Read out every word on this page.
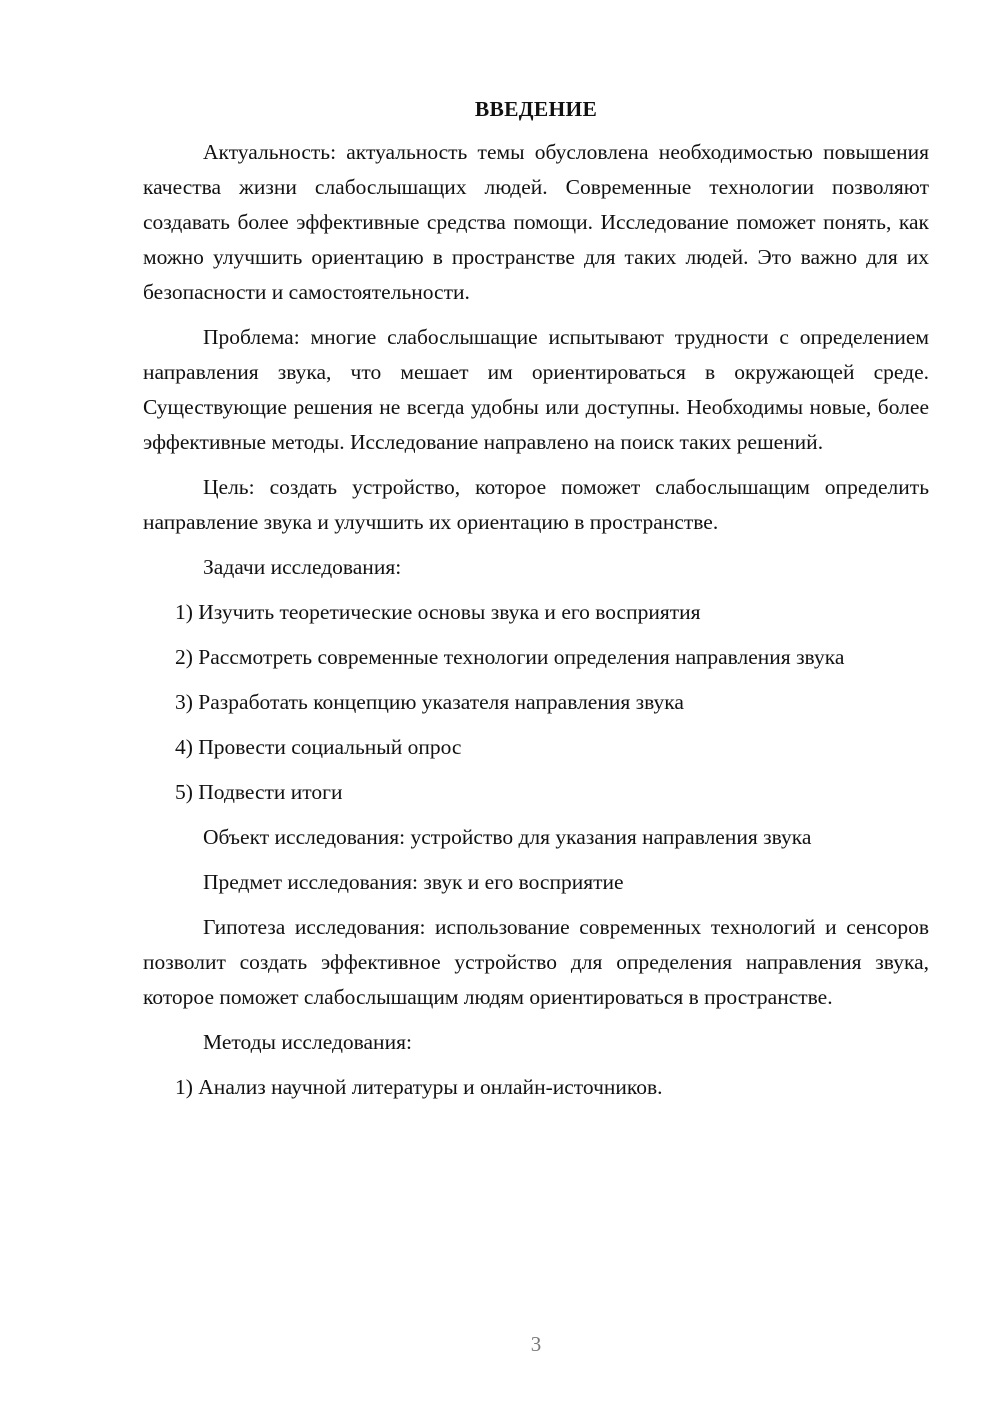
ВВЕДЕНИЕ
Актуальность: актуальность темы обусловлена необходимостью повышения качества жизни слабослышащих людей. Современные технологии позволяют создавать более эффективные средства помощи. Исследование поможет понять, как можно улучшить ориентацию в пространстве для таких людей. Это важно для их безопасности и самостоятельности.
Проблема: многие слабослышащие испытывают трудности с определением направления звука, что мешает им ориентироваться в окружающей среде. Существующие решения не всегда удобны или доступны. Необходимы новые, более эффективные методы. Исследование направлено на поиск таких решений.
Цель: создать устройство, которое поможет слабослышащим определить направление звука и улучшить их ориентацию в пространстве.
Задачи исследования:
1) Изучить теоретические основы звука и его восприятия
2) Рассмотреть современные технологии определения направления звука
3) Разработать концепцию указателя направления звука
4) Провести социальный опрос
5) Подвести итоги
Объект исследования: устройство для указания направления звука
Предмет исследования: звук и его восприятие
Гипотеза исследования: использование современных технологий и сенсоров позволит создать эффективное устройство для определения направления звука, которое поможет слабослышащим людям ориентироваться в пространстве.
Методы исследования:
1) Анализ научной литературы и онлайн-источников.
3
